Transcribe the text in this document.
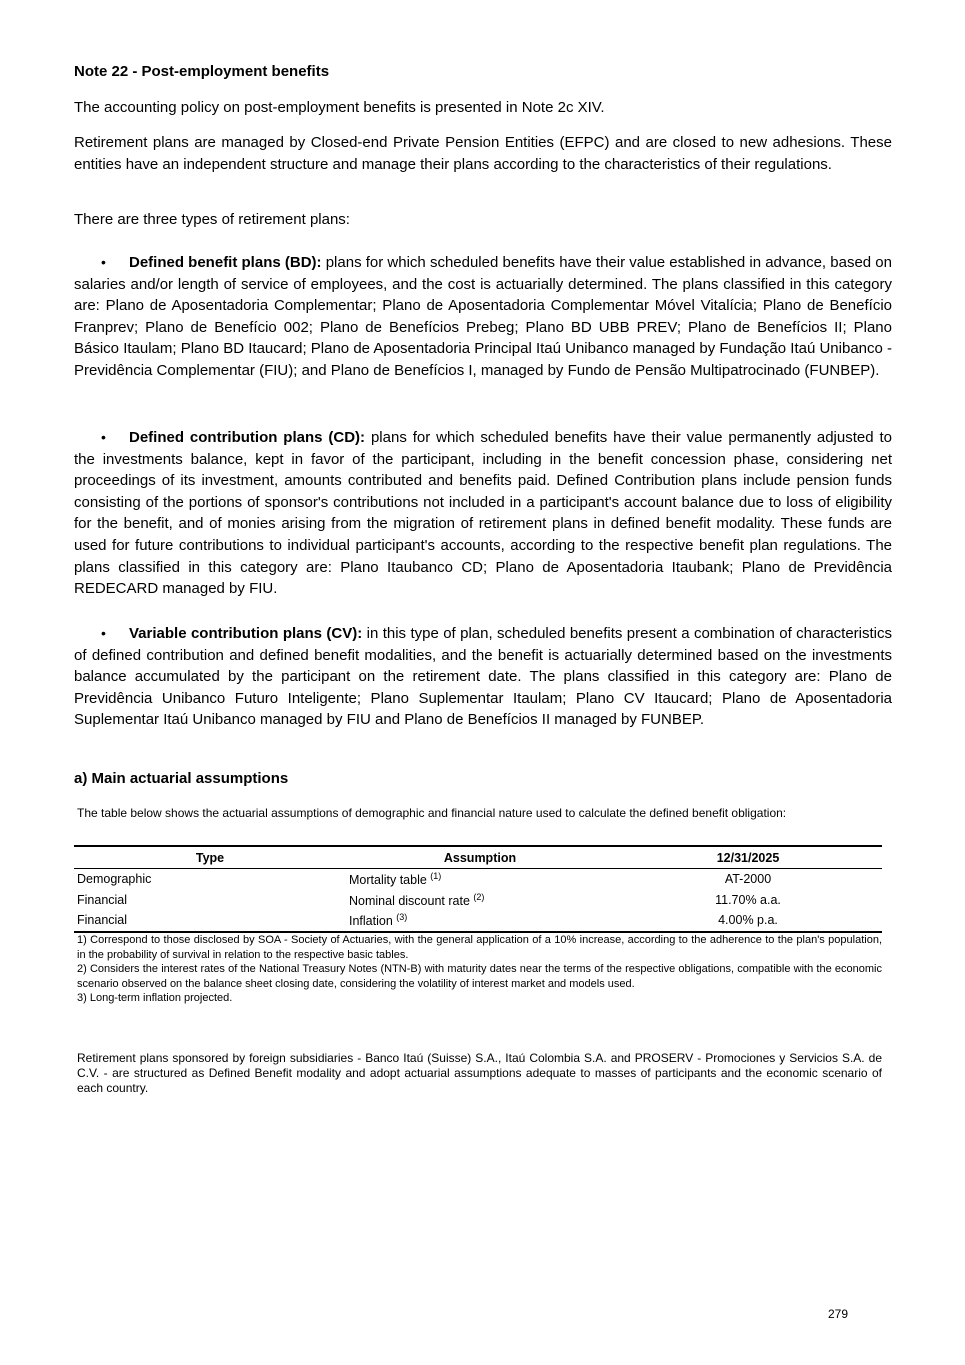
Note 22 - Post-employment benefits

The accounting policy on post-employment benefits is presented in Note 2c XIV.

Retirement plans are managed by Closed-end Private Pension Entities (EFPC) and are closed to new adhesions. These entities have an independent structure and manage their plans according to the characteristics of their regulations.

There are three types of retirement plans:

• Defined benefit plans (BD): plans for which scheduled benefits have their value established in advance, based on salaries and/or length of service of employees, and the cost is actuarially determined. The plans classified in this category are: Plano de Aposentadoria Complementar; Plano de Aposentadoria Complementar Móvel Vitalícia; Plano de Benefício Franprev; Plano de Benefício 002; Plano de Benefícios Prebeg; Plano BD UBB PREV; Plano de Benefícios II; Plano Básico Itaulam; Plano BD Itaucard; Plano de Aposentadoria Principal Itaú Unibanco managed by Fundação Itaú Unibanco - Previdência Complementar (FIU); and Plano de Benefícios I, managed by Fundo de Pensão Multipatrocinado (FUNBEP).

• Defined contribution plans (CD): plans for which scheduled benefits have their value permanently adjusted to the investments balance, kept in favor of the participant, including in the benefit concession phase, considering net proceedings of its investment, amounts contributed and benefits paid. Defined Contribution plans include pension funds consisting of the portions of sponsor's contributions not included in a participant's account balance due to loss of eligibility for the benefit, and of monies arising from the migration of retirement plans in defined benefit modality. These funds are used for future contributions to individual participant's accounts, according to the respective benefit plan regulations. The plans classified in this category are: Plano Itaubanco CD; Plano de Aposentadoria Itaubank; Plano de Previdência REDECARD managed by FIU.

• Variable contribution plans (CV): in this type of plan, scheduled benefits present a combination of characteristics of defined contribution and defined benefit modalities, and the benefit is actuarially determined based on the investments balance accumulated by the participant on the retirement date. The plans classified in this category are: Plano de Previdência Unibanco Futuro Inteligente; Plano Suplementar Itaulam; Plano CV Itaucard; Plano de Aposentadoria Suplementar Itaú Unibanco managed by FIU and Plano de Benefícios II managed by FUNBEP.

a) Main actuarial assumptions

The table below shows the actuarial assumptions of demographic and financial nature used to calculate the defined benefit obligation:

Type	Assumption	12/31/2025
Demographic	Mortality table $^{(1)}$	AT-2000
Financial	Nominal discount rate $^{(2)}$	11.70% a.a.
Financial	Inflation $^{(3)}$	4.00% p.a.

1) Correspond to those disclosed by SOA - Society of Actuaries, with the general application of a 10% increase, according to the adherence to the plan's population, in the probability of survival in relation to the respective basic tables.

2) Considers the interest rates of the National Treasury Notes (NTN-B) with maturity dates near the terms of the respective obligations, compatible with the economic scenario observed on the balance sheet closing date, considering the volatility of interest market and models used.

3) Long-term inflation projected.

Retirement plans sponsored by foreign subsidiaries - Banco Itaú (Suisse) S.A., Itaú Colombia S.A. and PROSERV - Promociones y Servicios S.A. de C.V. - are structured as Defined Benefit modality and adopt actuarial assumptions adequate to masses of participants and the economic scenario of each country.

279
